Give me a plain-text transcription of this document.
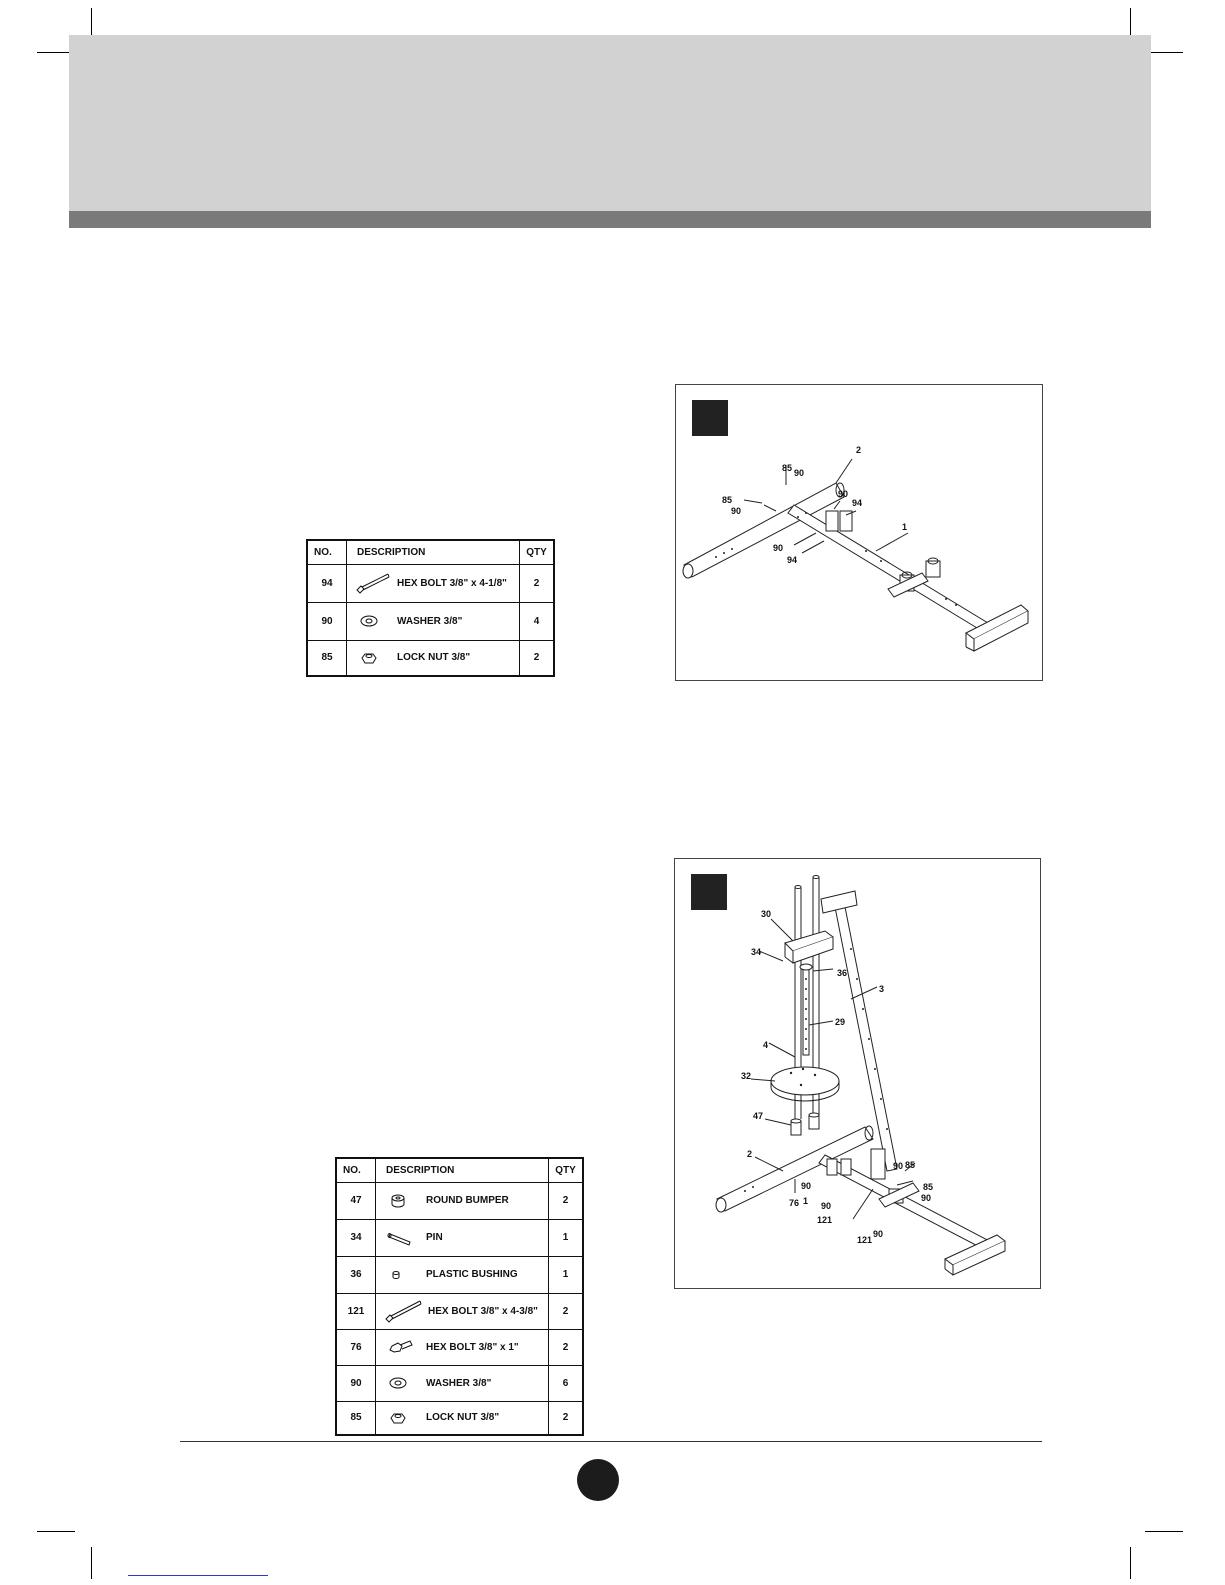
NO.	DESCRIPTION	QTY
94	HEX BOLT 3/8" x 4-1/8"	2
90	WASHER 3/8"	4
85	LOCK NUT 3/8"	2
2
85 90
85
90
90
94
1
90
94
NO.	DESCRIPTION	QTY
47	ROUND BUMPER	2
34	PIN	1
36	PLASTIC BUSHING	1
121	HEX BOLT 3/8" x 4-3/8"	2
76	HEX BOLT 3/8" x 1"	2
90	WASHER 3/8"	6
85	LOCK NUT 3/8"	2
30
34
36
3
29
4
32
47
2
90 85
85
90
90
1
76 90
121
121
90
